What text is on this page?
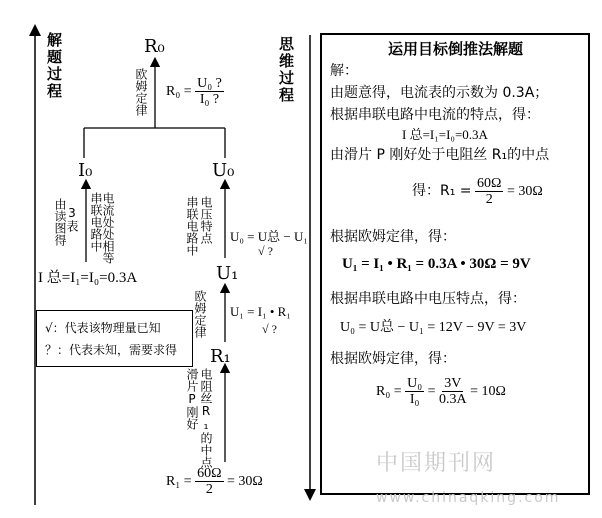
解题过程	思维过程
R₀
欧姆定律 $R_0 = \frac{\text{U₀ ?}}{\text{I₀ ?}}$
I₀	U₀
由读图得
3表 串联电路中
电流处处相等	串联电路中 电压特点 U₀ = U总 − U₁
√ ?
I 总=I₁=I₀=0.3A	U₁
欧姆定律 U₁ = I₁ • R₁
√ ?
√：代表该物理量已知
？：代表未知，需要求得 R₁
滑片P刚好 电阻丝R₁的中点
$R_1 = \frac{60\Omega}{2} = 30\Omega$
运用目标倒推法解题
解：
由题意得，电流表的示数为 0.3A；
根据串联电路中电流的特点，得：
I 总=I₁=I₀=0.3A
由滑片 P 刚好处于电阻丝 R₁的中点
得：$R_1 = \frac{60\Omega}{2} = 30\Omega$
根据欧姆定律，得：
U₁ = I₁ • R₁ = 0.3A • 30Ω = 9V
根据串联电路中电压特点，得：
U₀ = U总 − U₁ = 12V − 9V = 3V
根据欧姆定律，得：
$R_0 = \frac{\text{U₀}}{\text{I₀}} = \frac{3V}{0.3A} = 10\Omega$
中国期刊网
www.chinaqking.com
